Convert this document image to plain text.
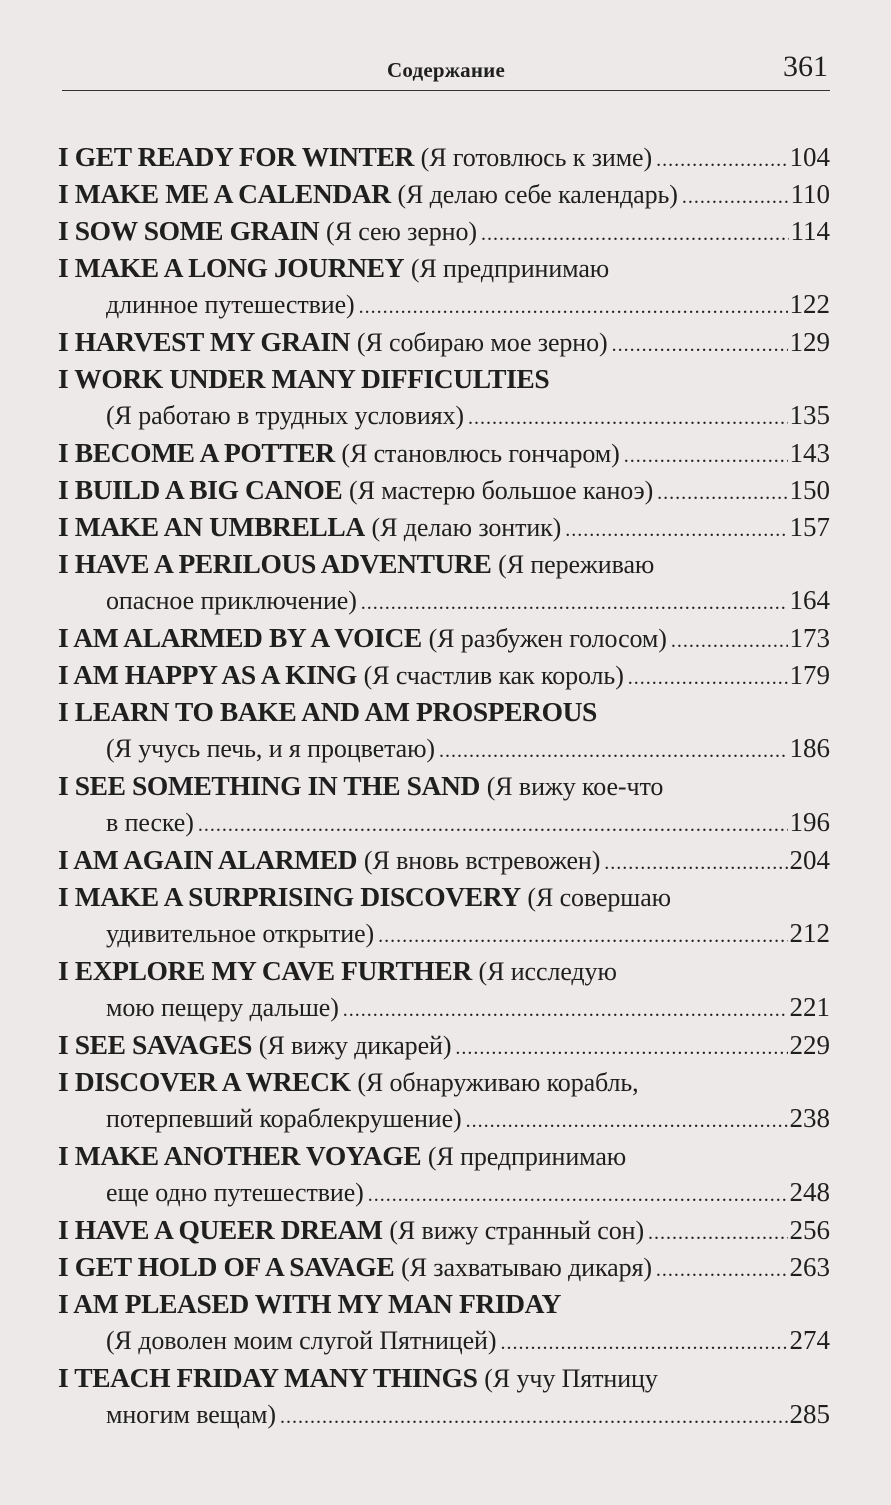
Содержание	361
I GET READY FOR WINTER
(Я готовлюсь к зиме) .....	104
I MAKE ME A CALENDAR
(Я делаю себе календарь) .....	110
I SOW SOME GRAIN
(Я сею зерно) .....	114
I MAKE A LONG JOURNEY
(Я предпринимаю
длинное путешествие) .....	122
I HARVEST MY GRAIN
(Я собираю мое зерно) .....	129
I WORK UNDER MANY DIFFICULTIES
(Я работаю в трудных условиях) .....	135
I BECOME A POTTER
(Я становлюсь гончаром) .....	143
I BUILD A BIG CANOE
(Я мастерю большое каноэ) .....	150
I MAKE AN UMBRELLA
(Я делаю зонтик) .....	157
I HAVE A PERILOUS ADVENTURE
(Я переживаю
опасное приключение) .....	164
I AM ALARMED BY A VOICE
(Я разбужен голосом) .....	173
I AM HAPPY AS A KING
(Я счастлив как король) .....	179
I LEARN TO BAKE AND AM PROSPEROUS
(Я учусь печь, и я процветаю) .....	186
I SEE SOMETHING IN THE SAND
(Я вижу кое-что
в песке) .....	196
I AM AGAIN ALARMED
(Я вновь встревожен) .....	204
I MAKE A SURPRISING DISCOVERY
(Я совершаю
удивительное открытие) .....	212
I EXPLORE MY CAVE FURTHER
(Я исследую
мою пещеру дальше) .....	221
I SEE SAVAGES
(Я вижу дикарей) .....	229
I DISCOVER A WRECK
(Я обнаруживаю корабль,
потерпевший кораблекрушение) .....	238
I MAKE ANOTHER VOYAGE
(Я предпринимаю
еще одно путешествие) .....	248
I HAVE A QUEER DREAM
(Я вижу странный сон) .....	256
I GET HOLD OF A SAVAGE
(Я захватываю дикаря) .....	263
I AM PLEASED WITH MY MAN FRIDAY
(Я доволен моим слугой Пятницей) .....	274
I TEACH FRIDAY MANY THINGS
(Я учу Пятницу
многим вещам) .....	285
